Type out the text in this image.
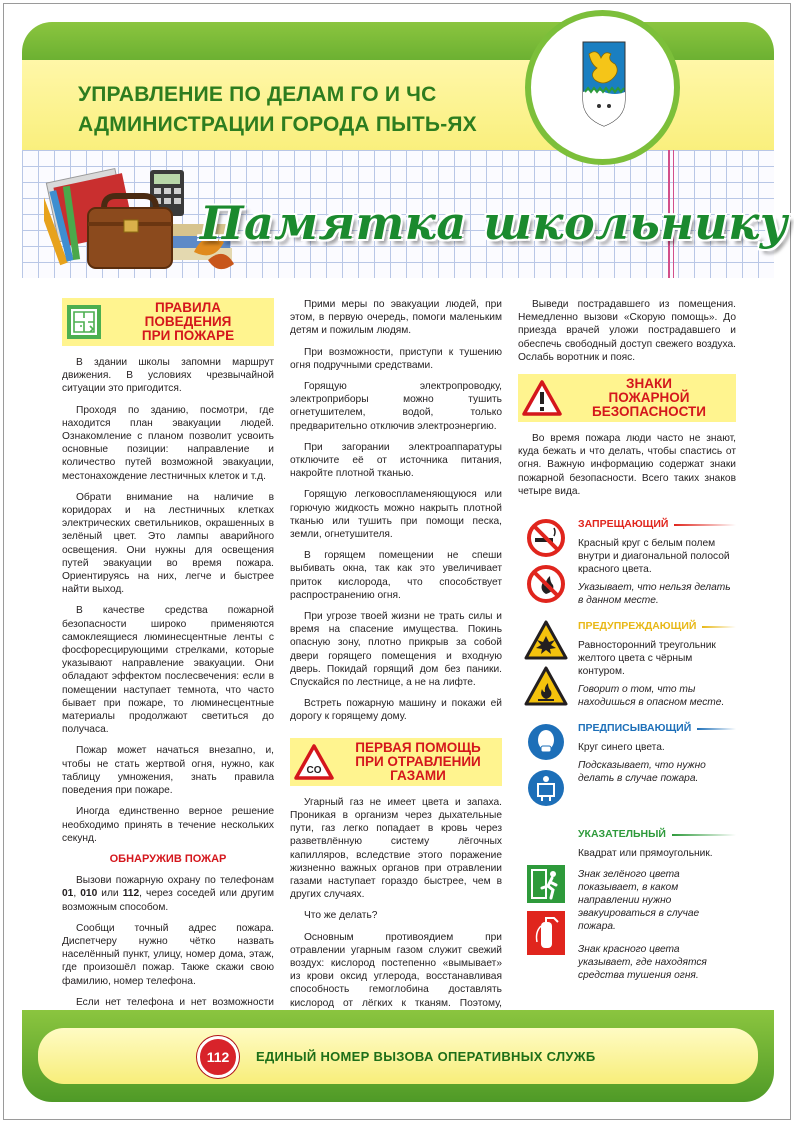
УПРАВЛЕНИЕ ПО ДЕЛАМ ГО И ЧС
АДМИНИСТРАЦИИ ГОРОДА ПЫТЬ-ЯХ
Памятка школьнику
ПРАВИЛА
ПОВЕДЕНИЯ
ПРИ ПОЖАРЕ

В здании школы запомни маршрут движения. В условиях чрезвычайной ситуации это пригодится.

Проходя по зданию, посмотри, где находится план эвакуации людей. Ознакомление с планом позволит усвоить основные позиции: направление и количество путей возможной эвакуации, местонахождение лестничных клеток и т.д.

Обрати внимание на наличие в коридорах и на лестничных клетках электрических светильников, окрашенных в зелёный цвет. Это лампы аварийного освещения. Они нужны для освещения путей эвакуации во время пожара. Ориентируясь на них, легче и быстрее найти выход.

В качестве средства пожарной безопасности широко применяются самоклеящиеся люминесцентные ленты с фосфоресцирующими стрелками, которые указывают направление эвакуации. Они обладают эффектом послесвечения: если в помещении наступает темнота, что часто бывает при пожаре, то люминесцентные материалы продолжают светиться до получаса.

Пожар может начаться внезапно, и, чтобы не стать жертвой огня, нужно, как таблицу умножения, знать правила поведения при пожаре.

Иногда единственно верное решение необходимо принять в течение нескольких секунд.

ОБНАРУЖИВ ПОЖАР

Вызови пожарную охрану по телефонам 01, 010 или 112, через соседей или другим возможным способом.

Сообщи точный адрес пожара. Диспетчеру нужно чётко назвать населённый пункт, улицу, номер дома, этаж, где произошёл пожар. Также скажи свою фамилию, номер телефона.

Если нет телефона и нет возможности

Прими меры по эвакуации людей, при этом, в первую очередь, помоги маленьким детям и пожилым людям.

При возможности, приступи к тушению огня подручными средствами.

Горящую электропроводку, электроприборы можно тушить огнетушителем, водой, только предварительно отключив электроэнергию.

При загорании электроаппаратуры отключите её от источника питания, накройте плотной тканью.

Горящую легковоспламеняющуюся или горючую жидкость можно накрыть плотной тканью или тушить при помощи песка, земли, огнетушителя.

В горящем помещении не спеши выбивать окна, так как это увеличивает приток кислорода, что способствует распространению огня.

При угрозе твоей жизни не трать силы и время на спасение имущества. Покинь опасную зону, плотно прикрыв за собой двери горящего помещения и входную дверь. Покидай горящий дом без паники. Спускайся по лестнице, а не на лифте.

Встреть пожарную машину и покажи ей дорогу к горящему дому.

CO
ПЕРВАЯ ПОМОЩЬ
ПРИ ОТРАВЛЕНИИ
ГАЗАМИ

Угарный газ не имеет цвета и запаха. Проникая в организм через дыхательные пути, газ легко попадает в кровь через разветвлённую систему лёгочных капилляров, вследствие этого поражение жизненно важных органов при отравлении газами наступает гораздо быстрее, чем в других случаях.

Что же делать?

Основным противоядием при отравлении угарным газом служит свежий воздух: кислород постепенно «вымывает» из крови оксид углерода, восстанавливая способность гемоглобина доставлять кислород от лёгких к тканям. Поэтому,

Выведи пострадавшего из помещения. Немедленно вызови «Скорую помощь». До приезда врачей уложи пострадавшего и обеспечь свободный доступ свежего воздуха. Ослабь воротник и пояс.

ЗНАКИ
ПОЖАРНОЙ
БЕЗОПАСНОСТИ

Во время пожара люди часто не знают, куда бежать и что делать, чтобы спастись от огня. Важную информацию содержат знаки пожарной безопасности. Всего таких знаков четыре вида.

ЗАПРЕЩАЮЩИЙ
Красный круг с белым полем внутри и диагональной полосой красного цвета.
Указывает, что нельзя делать в данном месте.
ПРЕДУПРЕЖДАЮЩИЙ
Равносторонний треугольник желтого цвета с чёрным контуром.
Говорит о том, что ты находишься в опасном месте.
ПРЕДПИСЫВАЮЩИЙ
Круг синего цвета.
Подсказывает, что нужно делать в случае пожара.
УКАЗАТЕЛЬНЫЙ
Квадрат или прямоугольник.
Знак зелёного цвета показывает, в каком направлении нужно эвакуироваться в случае пожара.
Знак красного цвета указывает, где находятся средства тушения огня.
112	ЕДИНЫЙ НОМЕР ВЫЗОВА ОПЕРАТИВНЫХ СЛУЖБ
